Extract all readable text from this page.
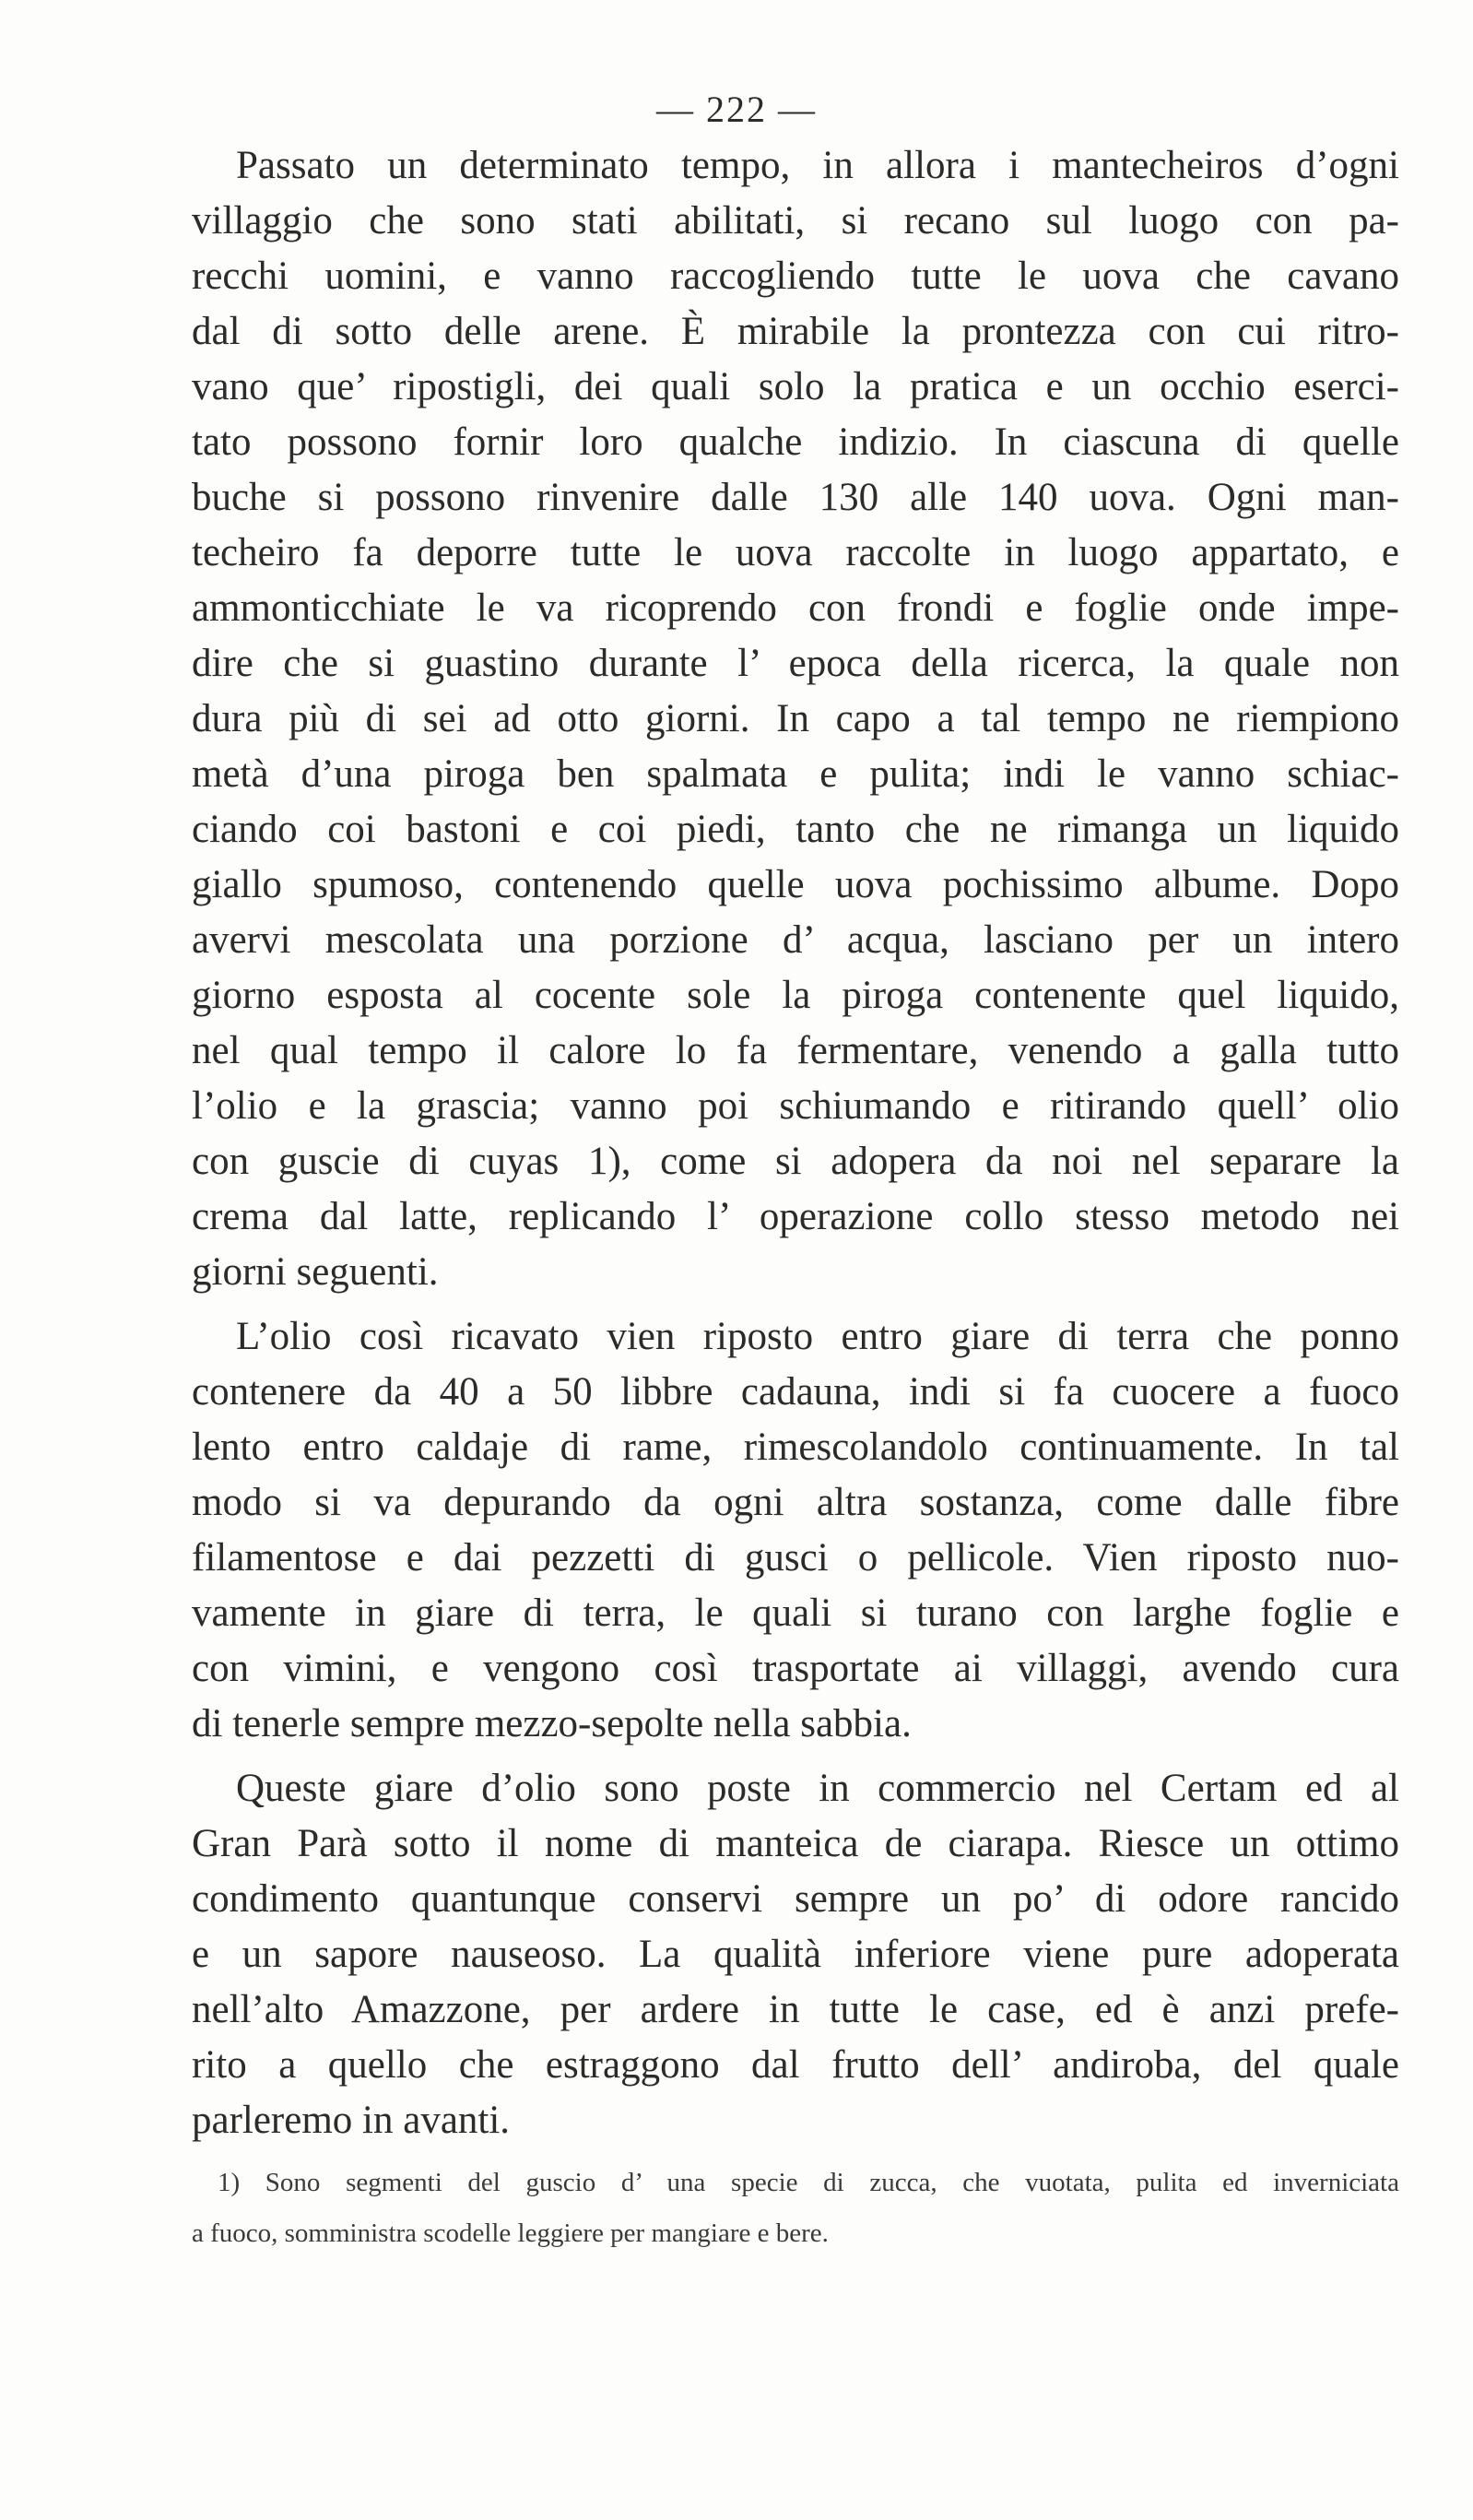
— 222 —
Passato un determinato tempo, in allora i mantecheiros d’ogni
villaggio che sono stati abilitati, si recano sul luogo con pa-
recchi uomini, e vanno raccogliendo tutte le uova che cavano
dal di sotto delle arene. È mirabile la prontezza con cui ritro-
vano que’ ripostigli, dei quali solo la pratica e un occhio eserci-
tato possono fornir loro qualche indizio. In ciascuna di quelle
buche si possono rinvenire dalle 130 alle 140 uova. Ogni man-
techeiro fa deporre tutte le uova raccolte in luogo appartato, e
ammonticchiate le va ricoprendo con frondi e foglie onde impe-
dire che si guastino durante l’ epoca della ricerca, la quale non
dura più di sei ad otto giorni. In capo a tal tempo ne riempiono
metà d’una piroga ben spalmata e pulita; indi le vanno schiac-
ciando coi bastoni e coi piedi, tanto che ne rimanga un liquido
giallo spumoso, contenendo quelle uova pochissimo albume. Dopo
avervi mescolata una porzione d’ acqua, lasciano per un intero
giorno esposta al cocente sole la piroga contenente quel liquido,
nel qual tempo il calore lo fa fermentare, venendo a galla tutto
l’olio e la grascia; vanno poi schiumando e ritirando quell’ olio
con guscie di cuyas 1), come si adopera da noi nel separare la
crema dal latte, replicando l’ operazione collo stesso metodo nei
giorni seguenti.
L’olio così ricavato vien riposto entro giare di terra che ponno
contenere da 40 a 50 libbre cadauna, indi si fa cuocere a fuoco
lento entro caldaje di rame, rimescolandolo continuamente. In tal
modo si va depurando da ogni altra sostanza, come dalle fibre
filamentose e dai pezzetti di gusci o pellicole. Vien riposto nuo-
vamente in giare di terra, le quali si turano con larghe foglie e
con vimini, e vengono così trasportate ai villaggi, avendo cura
di tenerle sempre mezzo-sepolte nella sabbia.
Queste giare d’olio sono poste in commercio nel Certam ed al
Gran Parà sotto il nome di manteica de ciarapa. Riesce un ottimo
condimento quantunque conservi sempre un po’ di odore rancido
e un sapore nauseoso. La qualità inferiore viene pure adoperata
nell’alto Amazzone, per ardere in tutte le case, ed è anzi prefe-
rito a quello che estraggono dal frutto dell’ andiroba, del quale
parleremo in avanti.
1) Sono segmenti del guscio d’ una specie di zucca, che vuotata, pulita ed inverniciata
a fuoco, somministra scodelle leggiere per mangiare e bere.
